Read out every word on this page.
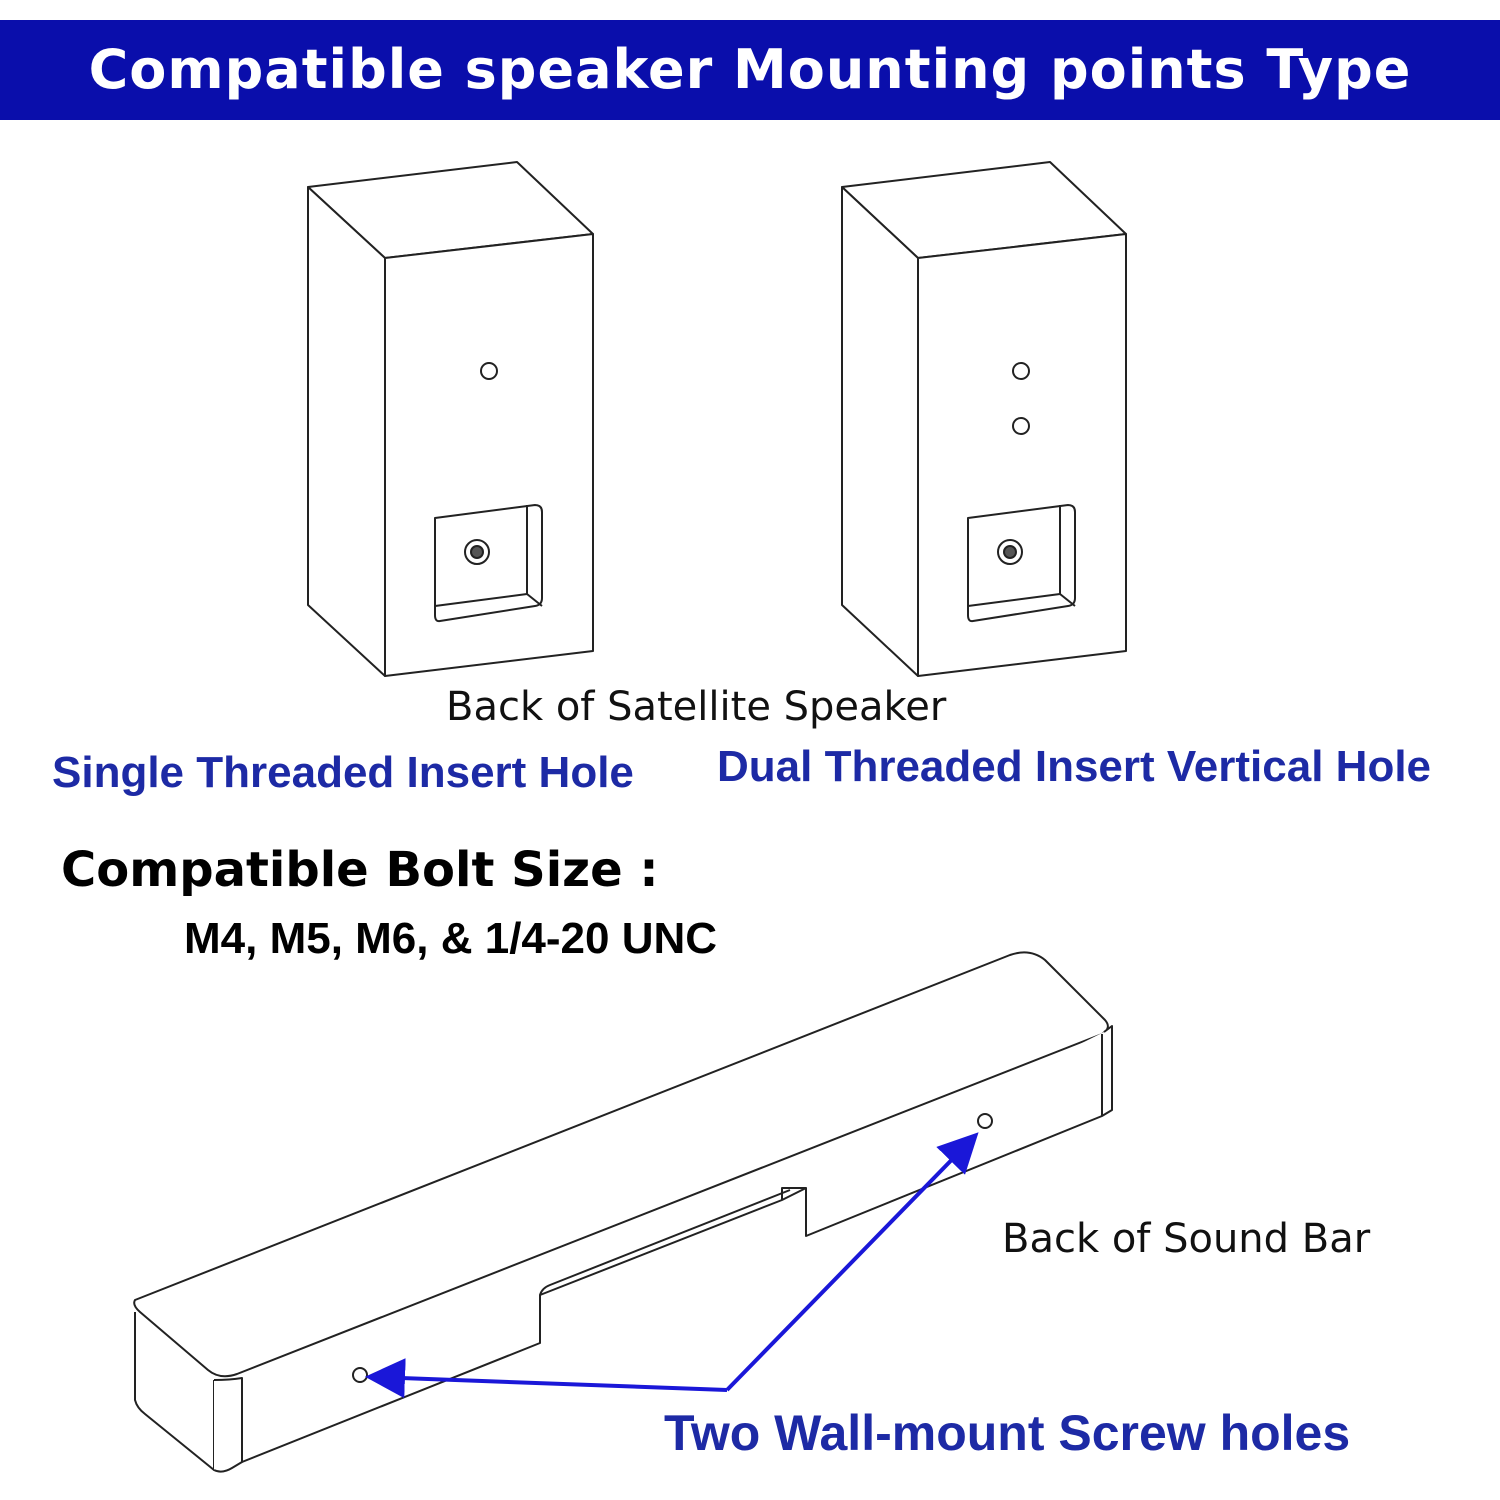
Compatible speaker Mounting points Type

Back of Satellite Speaker

Single Threaded Insert Hole Dual Threaded Insert Vertical Hole

Compatible Bolt Size :

M4, M5, M6, & 1/4-20 UNC

Back of Sound Bar

Two Wall-mount Screw holes
